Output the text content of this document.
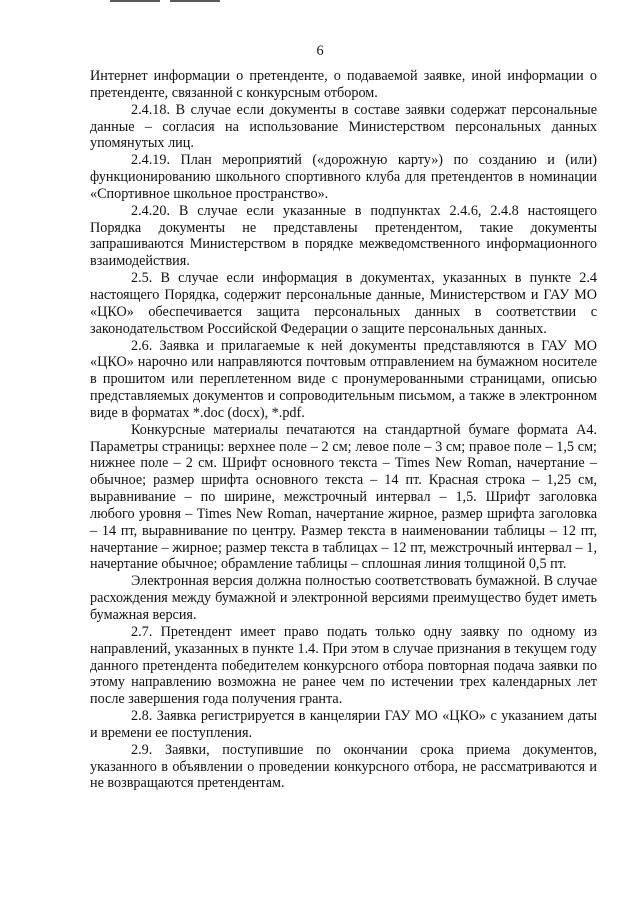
6

Интернет информации о претенденте, о подаваемой заявке, иной информации о претенденте, связанной с конкурсным отбором.

2.4.18. В случае если документы в составе заявки содержат персональные данные – согласия на использование Министерством персональных данных упомянутых лиц.

2.4.19. План мероприятий («дорожную карту») по созданию и (или) функционированию школьного спортивного клуба для претендентов в номинации «Спортивное школьное пространство».

2.4.20. В случае если указанные в подпунктах 2.4.6, 2.4.8 настоящего Порядка документы не представлены претендентом, такие документы запрашиваются Министерством в порядке межведомственного информационного взаимодействия.

2.5. В случае если информация в документах, указанных в пункте 2.4 настоящего Порядка, содержит персональные данные, Министерством и ГАУ МО «ЦКО» обеспечивается защита персональных данных в соответствии с законодательством Российской Федерации о защите персональных данных.

2.6. Заявка и прилагаемые к ней документы представляются в ГАУ МО «ЦКО» нарочно или направляются почтовым отправлением на бумажном носителе в прошитом или переплетенном виде с пронумерованными страницами, описью представляемых документов и сопроводительным письмом, а также в электронном виде в форматах *.doc (docx), *.pdf.

Конкурсные материалы печатаются на стандартной бумаге формата А4. Параметры страницы: верхнее поле – 2 см; левое поле – 3 см; правое поле – 1,5 см; нижнее поле – 2 см. Шрифт основного текста – Times New Roman, начертание – обычное; размер шрифта основного текста – 14 пт. Красная строка – 1,25 см, выравнивание – по ширине, межстрочный интервал – 1,5. Шрифт заголовка любого уровня – Times New Roman, начертание жирное, размер шрифта заголовка – 14 пт, выравнивание по центру. Размер текста в наименовании таблицы – 12 пт, начертание – жирное; размер текста в таблицах – 12 пт, межстрочный интервал – 1, начертание обычное; обрамление таблицы – сплошная линия толщиной 0,5 пт.

Электронная версия должна полностью соответствовать бумажной. В случае расхождения между бумажной и электронной версиями преимущество будет иметь бумажная версия.

2.7. Претендент имеет право подать только одну заявку по одному из направлений, указанных в пункте 1.4. При этом в случае признания в текущем году данного претендента победителем конкурсного отбора повторная подача заявки по этому направлению возможна не ранее чем по истечении трех календарных лет после завершения года получения гранта.

2.8. Заявка регистрируется в канцелярии ГАУ МО «ЦКО» с указанием даты и времени ее поступления.

2.9. Заявки, поступившие по окончании срока приема документов, указанного в объявлении о проведении конкурсного отбора, не рассматриваются и не возвращаются претендентам.
